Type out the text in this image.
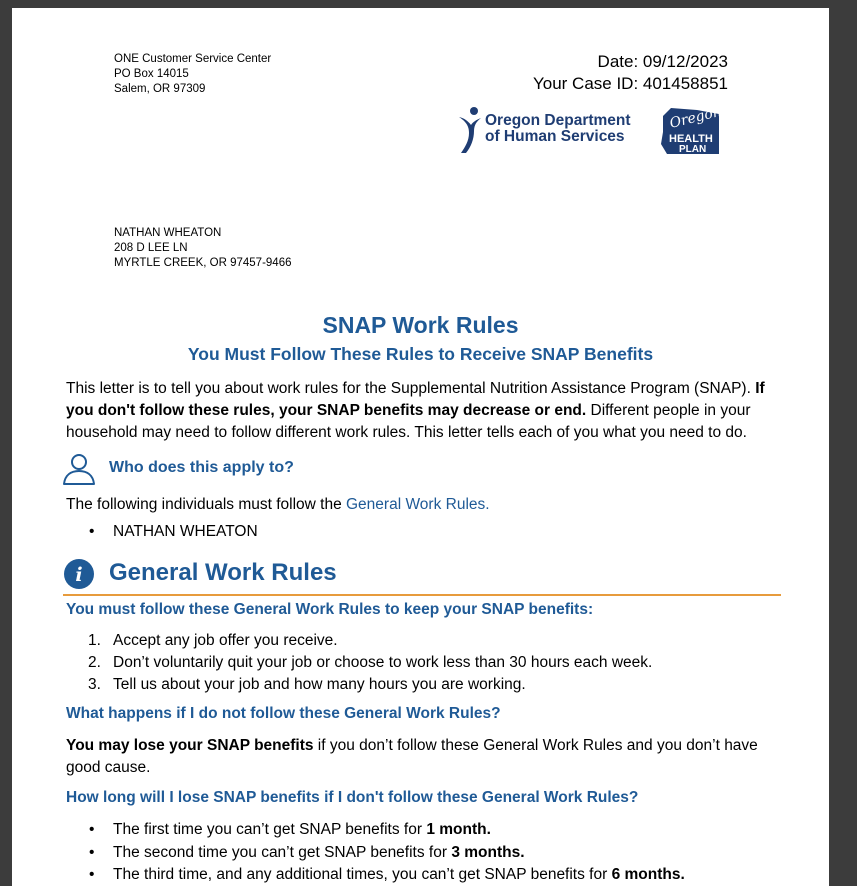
ONE Customer Service Center
PO Box 14015
Salem, OR 97309
Date: 09/12/2023
Your Case ID: 401458851
Oregon Department
of Human Services
Oregon
HEALTH
PLAN
NATHAN WHEATON
208 D LEE LN
MYRTLE CREEK, OR 97457-9466
SNAP Work Rules
You Must Follow These Rules to Receive SNAP Benefits
This letter is to tell you about work rules for the Supplemental Nutrition Assistance Program (SNAP). If you don't follow these rules, your SNAP benefits may decrease or end. Different people in your household may need to follow different work rules. This letter tells each of you what you need to do.
Who does this apply to?
The following individuals must follow the General Work Rules.
• NATHAN WHEATON
i General Work Rules
You must follow these General Work Rules to keep your SNAP benefits:
1. Accept any job offer you receive.
2. Don’t voluntarily quit your job or choose to work less than 30 hours each week.
3. Tell us about your job and how many hours you are working.
What happens if I do not follow these General Work Rules?
You may lose your SNAP benefits if you don’t follow these General Work Rules and you don’t have good cause.
How long will I lose SNAP benefits if I don't follow these General Work Rules?
• The first time you can’t get SNAP benefits for 1 month.
• The second time you can’t get SNAP benefits for 3 months.
• The third time, and any additional times, you can’t get SNAP benefits for 6 months.
